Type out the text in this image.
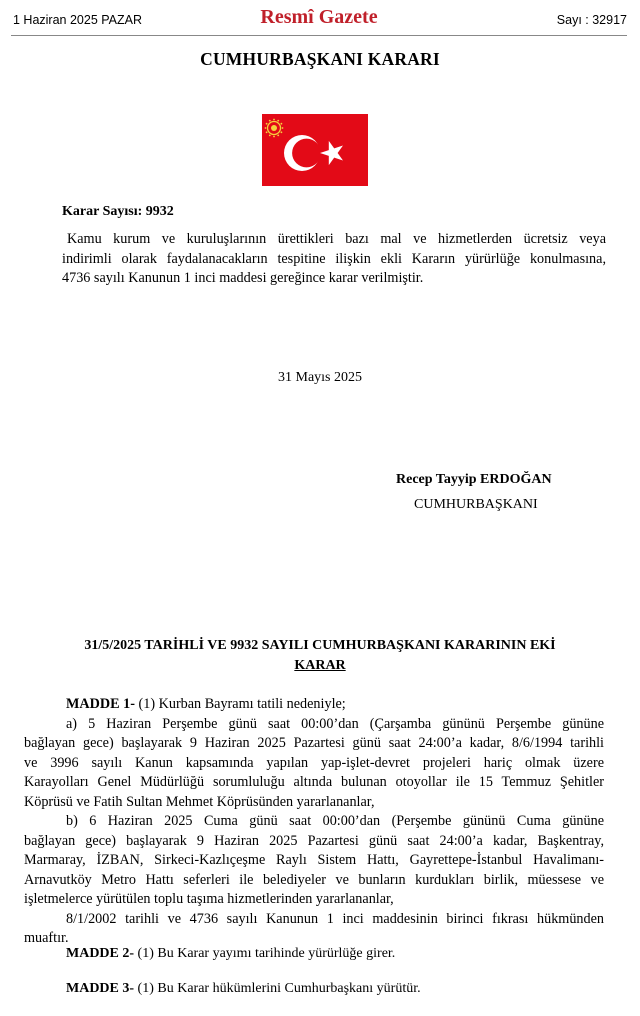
1 Haziran 2025 PAZAR	Resmî Gazete	Sayı : 32917
CUMHURBAŞKANI KARARI
Karar Sayısı: 9932
Kamu kurum ve kuruluşlarının ürettikleri bazı mal ve hizmetlerden ücretsiz veya
indirimli olarak faydalanacakların tespitine ilişkin ekli Kararın yürürlüğe konulmasına,
4736 sayılı Kanunun 1 inci maddesi gereğince karar verilmiştir.
31 Mayıs 2025
Recep Tayyip ERDOĞAN
CUMHURBAŞKANI
31/5/2025 TARİHLİ VE 9932 SAYILI CUMHURBAŞKANI KARARININ EKİ
KARAR
MADDE 1- (1) Kurban Bayramı tatili nedeniyle;
a) 5 Haziran Perşembe günü saat 00:00’dan (Çarşamba gününü Perşembe gününe
bağlayan gece) başlayarak 9 Haziran 2025 Pazartesi günü saat 24:00’a kadar, 8/6/1994 tarihli
ve 3996 sayılı Kanun kapsamında yapılan yap-işlet-devret projeleri hariç olmak üzere
Karayolları Genel Müdürlüğü sorumluluğu altında bulunan otoyollar ile 15 Temmuz Şehitler
Köprüsü ve Fatih Sultan Mehmet Köprüsünden yararlananlar,
b) 6 Haziran 2025 Cuma günü saat 00:00’dan (Perşembe gününü Cuma gününe
bağlayan gece) başlayarak 9 Haziran 2025 Pazartesi günü saat 24:00’a kadar, Başkentray,
Marmaray, İZBAN, Sirkeci-Kazlıçeşme Raylı Sistem Hattı, Gayrettepe-İstanbul Havalimanı-
Arnavutköy Metro Hattı seferleri ile belediyeler ve bunların kurdukları birlik, müessese ve
işletmelerce yürütülen toplu taşıma hizmetlerinden yararlananlar,
8/1/2002 tarihli ve 4736 sayılı Kanunun 1 inci maddesinin birinci fıkrası hükmünden
muaftır.
MADDE 2- (1) Bu Karar yayımı tarihinde yürürlüğe girer.
MADDE 3- (1) Bu Karar hükümlerini Cumhurbaşkanı yürütür.
